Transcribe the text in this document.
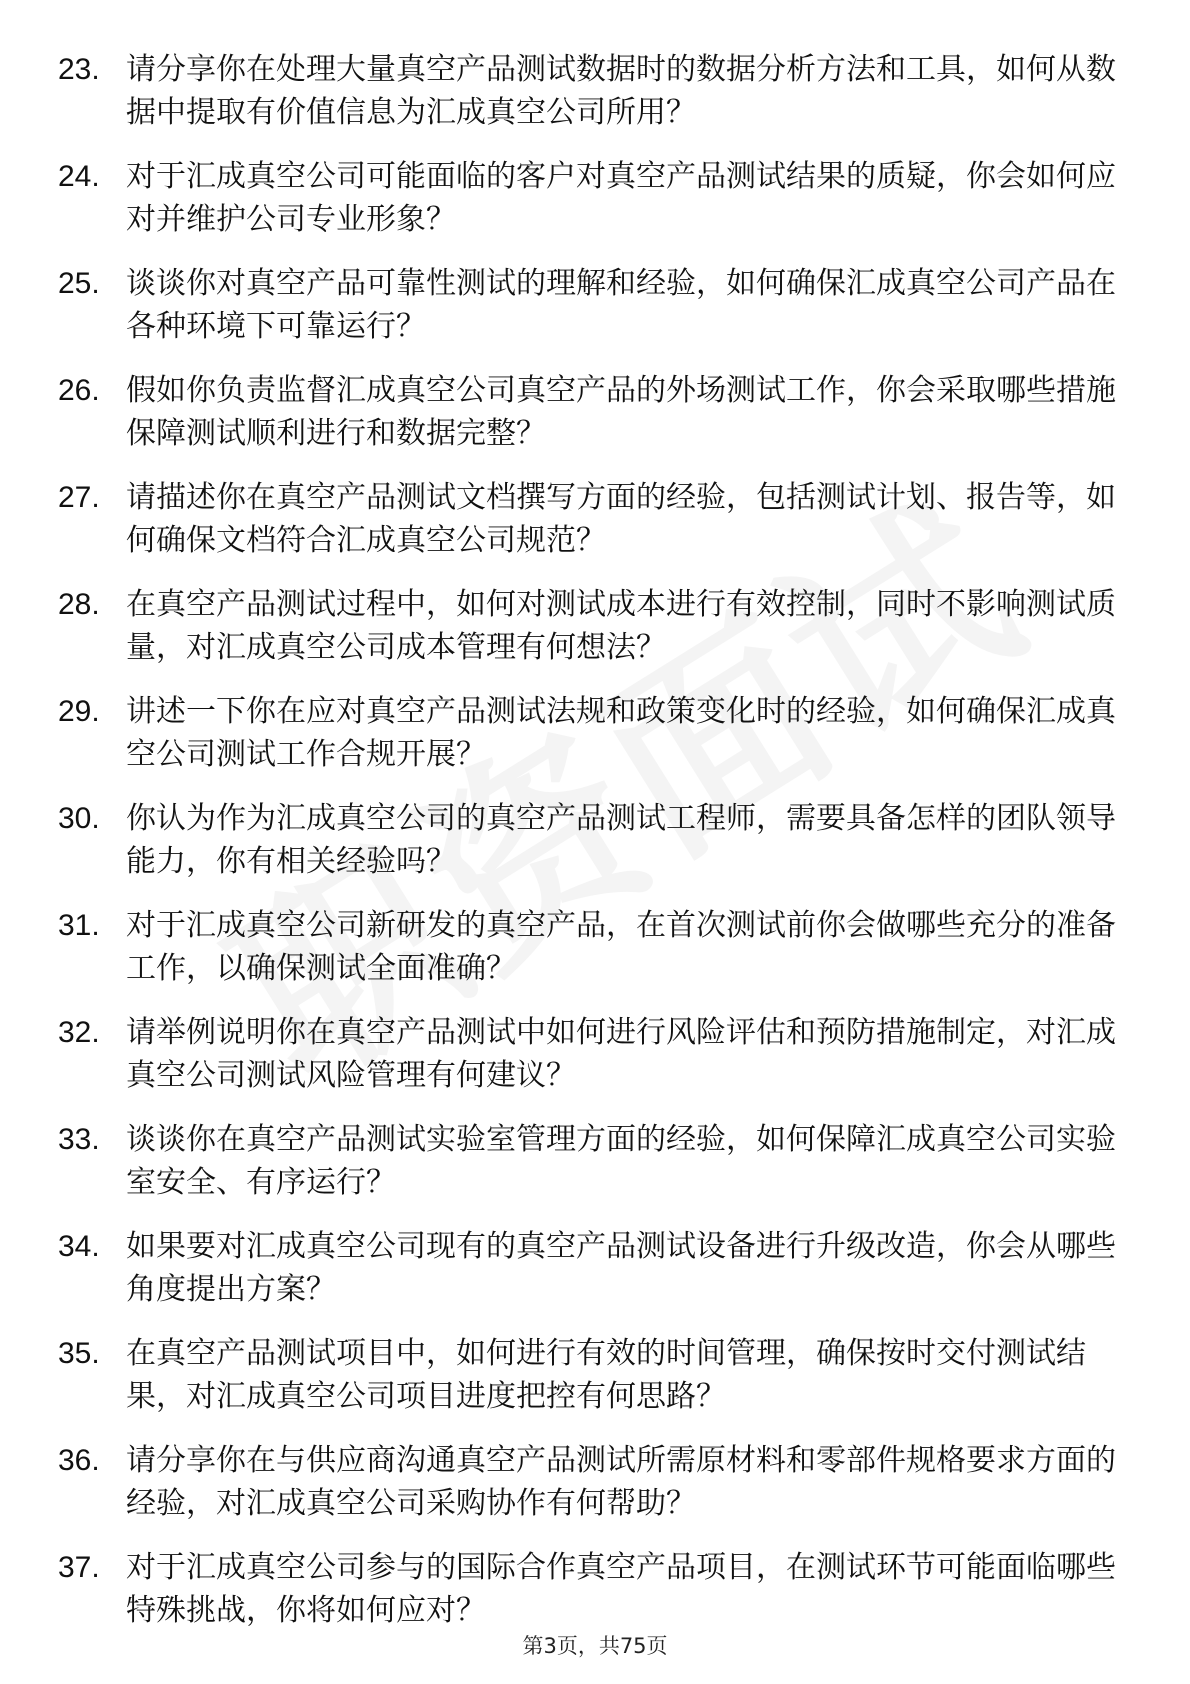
23. 请分享你在处理大量真空产品测试数据时的数据分析方法和工具，如何从数据中提取有价值信息为汇成真空公司所用？
24. 对于汇成真空公司可能面临的客户对真空产品测试结果的质疑，你会如何应对并维护公司专业形象？
25. 谈谈你对真空产品可靠性测试的理解和经验，如何确保汇成真空公司产品在各种环境下可靠运行？
26. 假如你负责监督汇成真空公司真空产品的外场测试工作，你会采取哪些措施保障测试顺利进行和数据完整？
27. 请描述你在真空产品测试文档撰写方面的经验，包括测试计划、报告等，如何确保文档符合汇成真空公司规范？
28. 在真空产品测试过程中，如何对测试成本进行有效控制，同时不影响测试质量，对汇成真空公司成本管理有何想法？
29. 讲述一下你在应对真空产品测试法规和政策变化时的经验，如何确保汇成真空公司测试工作合规开展？
30. 你认为作为汇成真空公司的真空产品测试工程师，需要具备怎样的团队领导能力，你有相关经验吗？
31. 对于汇成真空公司新研发的真空产品，在首次测试前你会做哪些充分的准备工作，以确保测试全面准确？
32. 请举例说明你在真空产品测试中如何进行风险评估和预防措施制定，对汇成真空公司测试风险管理有何建议？
33. 谈谈你在真空产品测试实验室管理方面的经验，如何保障汇成真空公司实验室安全、有序运行？
34. 如果要对汇成真空公司现有的真空产品测试设备进行升级改造，你会从哪些角度提出方案？
35. 在真空产品测试项目中，如何进行有效的时间管理，确保按时交付测试结果，对汇成真空公司项目进度把控有何思路？
36. 请分享你在与供应商沟通真空产品测试所需原材料和零部件规格要求方面的经验，对汇成真空公司采购协作有何帮助？
37. 对于汇成真空公司参与的国际合作真空产品项目，在测试环节可能面临哪些特殊挑战，你将如何应对？
第3页，共75页
